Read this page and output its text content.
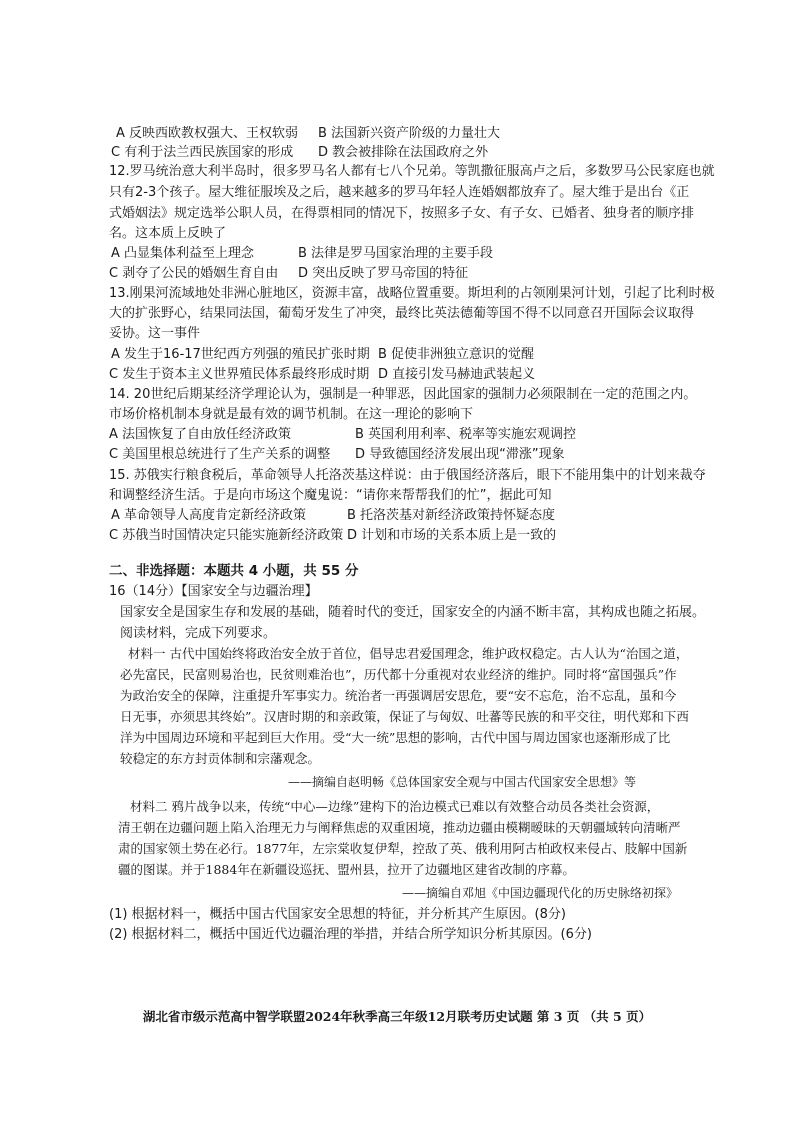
A 反映西欧教权强大、王权软弱 B 法国新兴资产阶级的力量壮大
C 有利于法兰西民族国家的形成 D 教会被排除在法国政府之外
12.罗马统治意大利半岛时，很多罗马名人都有七八个兄弟。等凯撒征服高卢之后，多数罗马公民家庭也就
只有2-3个孩子。屋大维征服埃及之后，越来越多的罗马年轻人连婚姻都放弃了。屋大维于是出台《正
式婚姻法》规定选举公职人员，在得票相同的情况下，按照多子女、有子女、已婚者、独身者的顺序排
名。这本质上反映了
A 凸显集体利益至上理念	B 法律是罗马国家治理的主要手段
C 剥夺了公民的婚姻生育自由 D 突出反映了罗马帝国的特征
13.刚果河流域地处非洲心脏地区，资源丰富，战略位置重要。斯坦利的占领刚果河计划，引起了比利时极
大的扩张野心，结果同法国，葡萄牙发生了冲突，最终比英法德葡等国不得不以同意召开国际会议取得
妥协。这一事件
A 发生于16-17世纪西方列强的殖民扩张时期 B 促使非洲独立意识的觉醒
C 发生于资本主义世界殖民体系最终形成时期 D 直接引发马赫迪武装起义
14. 20世纪后期某经济学理论认为，强制是一种罪恶，因此国家的强制力必须限制在一定的范围之内。
市场价格机制本身就是最有效的调节机制。在这一理论的影响下
A 法国恢复了自由放任经济政策	B 英国利用利率、税率等实施宏观调控
C 美国里根总统进行了生产关系的调整 D 导致德国经济发展出现“滞涨”现象
15. 苏俄实行粮食税后，革命领导人托洛茨基这样说：由于俄国经济落后，眼下不能用集中的计划来裁夺
和调整经济生活。于是向市场这个魔鬼说：“请你来帮帮我们的忙”，据此可知
A 革命领导人高度肯定新经济政策	B 托洛茨基对新经济政策持怀疑态度
C 苏俄当时国情决定只能实施新经济政策 D 计划和市场的关系本质上是一致的
二、非选择题：本题共 4 小题，共 55 分
16（14分）【国家安全与边疆治理】
国家安全是国家生存和发展的基础，随着时代的变迁，国家安全的内涵不断丰富，其构成也随之拓展。
阅读材料，完成下列要求。
材料一 古代中国始终将政治安全放于首位，倡导忠君爱国理念，维护政权稳定。古人认为“治国之道，
必先富民，民富则易治也，民贫则难治也”，历代都十分重视对农业经济的维护。同时将“富国强兵”作
为政治安全的保障，注重提升军事实力。统治者一再强调居安思危，要“安不忘危，治不忘乱，虽和今
日无事，亦须思其终始”。汉唐时期的和亲政策，保证了与匈奴、吐蕃等民族的和平交往，明代郑和下西
洋为中国周边环境和平起到巨大作用。受“大一统”思想的影响，古代中国与周边国家也逐渐形成了比
较稳定的东方封贡体制和宗藩观念。
——摘编自赵明畅《总体国家安全观与中国古代国家安全思想》等
材料二 鸦片战争以来，传统“中心—边缘”建构下的治边模式已难以有效整合动员各类社会资源，
清王朝在边疆问题上陷入治理无力与阐释焦虑的双重困境，推动边疆由模糊暧昧的天朝疆域转向清晰严
肃的国家领土势在必行。1877年，左宗棠收复伊犁，控敌了英、俄利用阿古柏政权来侵占、肢解中国新
疆的图谋。并于1884年在新疆设巡抚、盟州县，拉开了边疆地区建省改制的序幕。
——摘编自邓旭《中国边疆现代化的历史脉络初探》
(1) 根据材料一，概括中国古代国家安全思想的特征，并分析其产生原因。(8分)
(2) 根据材料二，概括中国近代边疆治理的举措，并结合所学知识分析其原因。(6分)
湖北省市级示范高中智学联盟2024年秋季高三年级12月联考历史试题 第 3 页 （共 5 页）
